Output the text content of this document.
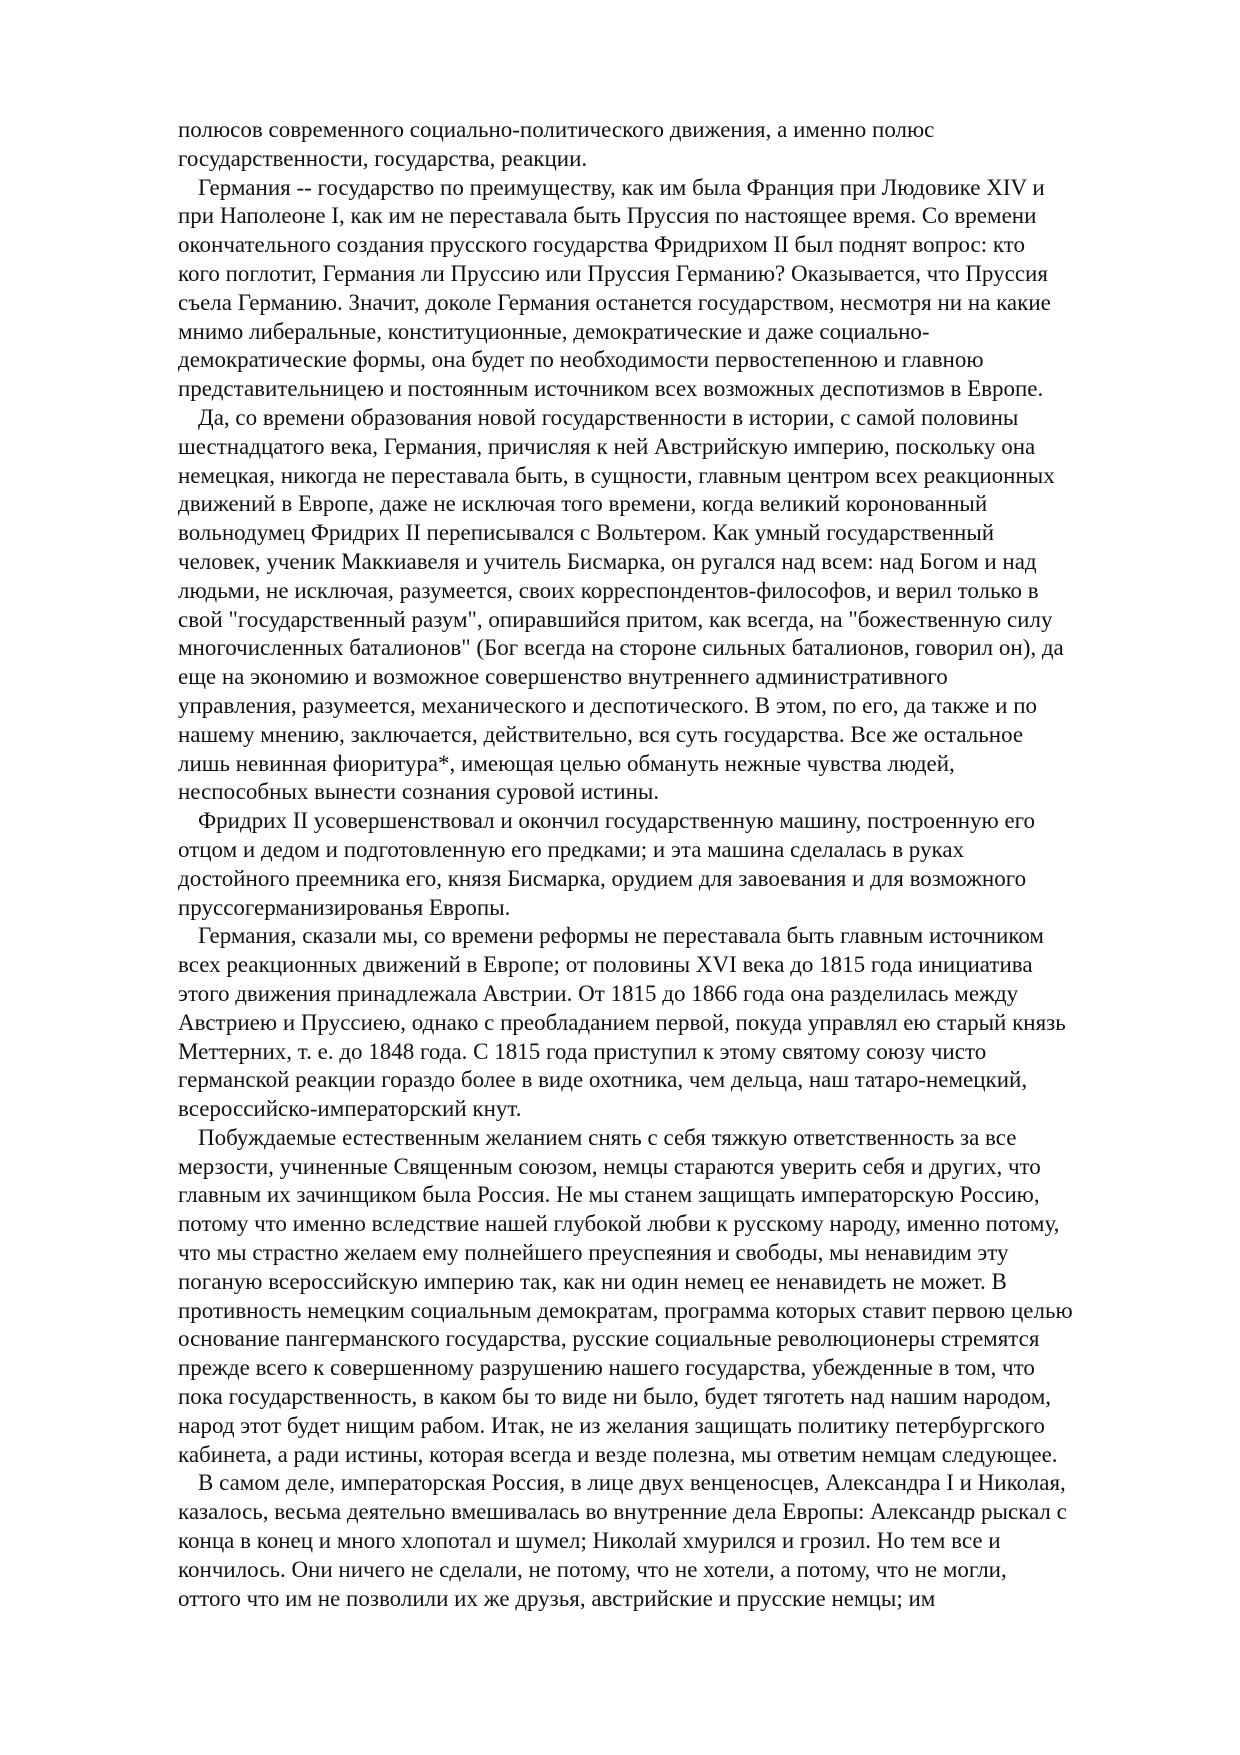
полюсов современного социально-политического движения, а именно полюс
государственности, государства, реакции.
Германия -- государство по преимуществу, как им была Франция при Людовике XIV и
при Наполеоне I, как им не переставала быть Пруссия по настоящее время. Со времени
окончательного создания прусского государства Фридрихом II был поднят вопрос: кто
кого поглотит, Германия ли Пруссию или Пруссия Германию? Оказывается, что Пруссия
съела Германию. Значит, доколе Германия останется государством, несмотря ни на какие
мнимо либеральные, конституционные, демократические и даже социально-
демократические формы, она будет по необходимости первостепенною и главною
представительницею и постоянным источником всех возможных деспотизмов в Европе.
Да, со времени образования новой государственности в истории, с самой половины
шестнадцатого века, Германия, причисляя к ней Австрийскую империю, поскольку она
немецкая, никогда не переставала быть, в сущности, главным центром всех реакционных
движений в Европе, даже не исключая того времени, когда великий коронованный
вольнодумец Фридрих II переписывался с Вольтером. Как умный государственный
человек, ученик Маккиавеля и учитель Бисмарка, он ругался над всем: над Богом и над
людьми, не исключая, разумеется, своих корреспондентов-философов, и верил только в
свой "государственный разум", опиравшийся притом, как всегда, на "божественную силу
многочисленных баталионов" (Бог всегда на стороне сильных баталионов, говорил он), да
еще на экономию и возможное совершенство внутреннего административного
управления, разумеется, механического и деспотического. В этом, по его, да также и по
нашему мнению, заключается, действительно, вся суть государства. Все же остальное
лишь невинная фиоритура*, имеющая целью обмануть нежные чувства людей,
неспособных вынести сознания суровой истины.
Фридрих II усовершенствовал и окончил государственную машину, построенную его
отцом и дедом и подготовленную его предками; и эта машина сделалась в руках
достойного преемника его, князя Бисмарка, орудием для завоевания и для возможного
пруссогерманизированья Европы.
Германия, сказали мы, со времени реформы не переставала быть главным источником
всех реакционных движений в Европе; от половины XVI века до 1815 года инициатива
этого движения принадлежала Австрии. От 1815 до 1866 года она разделилась между
Австриею и Пруссиею, однако с преобладанием первой, покуда управлял ею старый князь
Меттерних, т. е. до 1848 года. С 1815 года приступил к этому святому союзу чисто
германской реакции гораздо более в виде охотника, чем дельца, наш татаро-немецкий,
всероссийско-императорский кнут.
Побуждаемые естественным желанием снять с себя тяжкую ответственность за все
мерзости, учиненные Священным союзом, немцы стараются уверить себя и других, что
главным их зачинщиком была Россия. Не мы станем защищать императорскую Россию,
потому что именно вследствие нашей глубокой любви к русскому народу, именно потому,
что мы страстно желаем ему полнейшего преуспеяния и свободы, мы ненавидим эту
поганую всероссийскую империю так, как ни один немец ее ненавидеть не может. В
противность немецким социальным демократам, программа которых ставит первою целью
основание пангерманского государства, русские социальные революционеры стремятся
прежде всего к совершенному разрушению нашего государства, убежденные в том, что
пока государственность, в каком бы то виде ни было, будет тяготеть над нашим народом,
народ этот будет нищим рабом. Итак, не из желания защищать политику петербургского
кабинета, а ради истины, которая всегда и везде полезна, мы ответим немцам следующее.
В самом деле, императорская Россия, в лице двух венценосцев, Александра I и Николая,
казалось, весьма деятельно вмешивалась во внутренние дела Европы: Александр рыскал с
конца в конец и много хлопотал и шумел; Николай хмурился и грозил. Но тем все и
кончилось. Они ничего не сделали, не потому, что не хотели, а потому, что не могли,
оттого что им не позволили их же друзья, австрийские и прусские немцы; им
